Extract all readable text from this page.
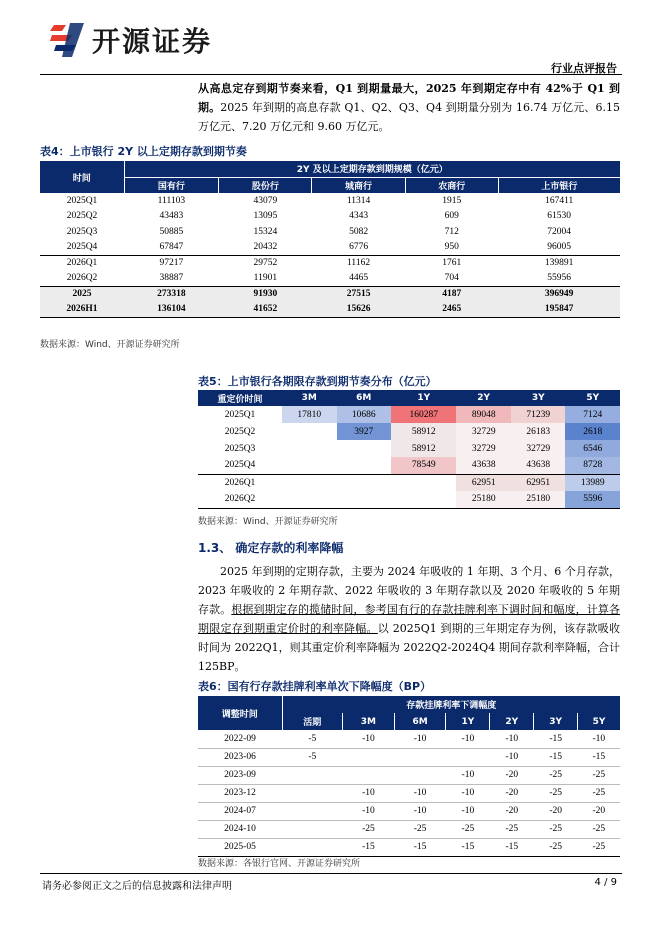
开源证券
行业点评报告
从高息定存到期节奏来看，Q1 到期量最大，2025 年到期定存中有 42%于 Q1 到期。2025 年到期的高息存款 Q1、Q2、Q3、Q4 到期量分别为 16.74 万亿元、6.15 万亿元、7.20 万亿元和 9.60 万亿元。
表4：上市银行 2Y 以上定期存款到期节奏
时间	2Y 及以上定期存款到期规模（亿元）				
	国有行	股份行	城商行	农商行	上市银行
2025Q1	111103	43079	11314	1915	167411
2025Q2	43483	13095	4343	609	61530
2025Q3	50885	15324	5082	712	72004
2025Q4	67847	20432	6776	950	96005
2026Q1	97217	29752	11162	1761	139891
2026Q2	38887	11901	4465	704	55956
2025	273318	91930	27515	4187	396949
2026H1	136104	41652	15626	2465	195847
数据来源：Wind、开源证券研究所
表5：上市银行各期限存款到期节奏分布（亿元）
重定价时间	3M	6M	1Y	2Y	3Y	5Y
2025Q1	17810	10686	160287	89048	71239	7124
2025Q2		3927	58912	32729	26183	2618
2025Q3			58912	32729	32729	6546
2025Q4			78549	43638	43638	8728
2026Q1				62951	62951	13989
2026Q2				25180	25180	5596
数据来源：Wind、开源证券研究所
1.3、 确定存款的利率降幅
2025 年到期的定期存款，主要为 2024 年吸收的 1 年期、3 个月、6 个月存款，2023 年吸收的 2 年期存款、2022 年吸收的 3 年期存款以及 2020 年吸收的 5 年期存款。根据到期定存的揽储时间，参考国有行的存款挂牌利率下调时间和幅度，计算各期限定存到期重定价时的利率降幅。以 2025Q1 到期的三年期定存为例，该存款吸收时间为 2022Q1，则其重定价利率降幅为 2022Q2-2024Q4 期间存款利率降幅，合计 125BP。
表6：国有行存款挂牌利率单次下降幅度（BP）
调整时间	存款挂牌利率下调幅度						
	活期	3M	6M	1Y	2Y	3Y	5Y
2022-09	-5	-10	-10	-10	-10	-15	-10
2023-06	-5				-10	-15	-15
2023-09				-10	-20	-25	-25
2023-12		-10	-10	-10	-20	-25	-25
2024-07		-10	-10	-10	-20	-20	-20
2024-10		-25	-25	-25	-25	-25	-25
2025-05		-15	-15	-15	-15	-25	-25
数据来源：各银行官网、开源证券研究所
请务必参阅正文之后的信息披露和法律声明	4 / 9
